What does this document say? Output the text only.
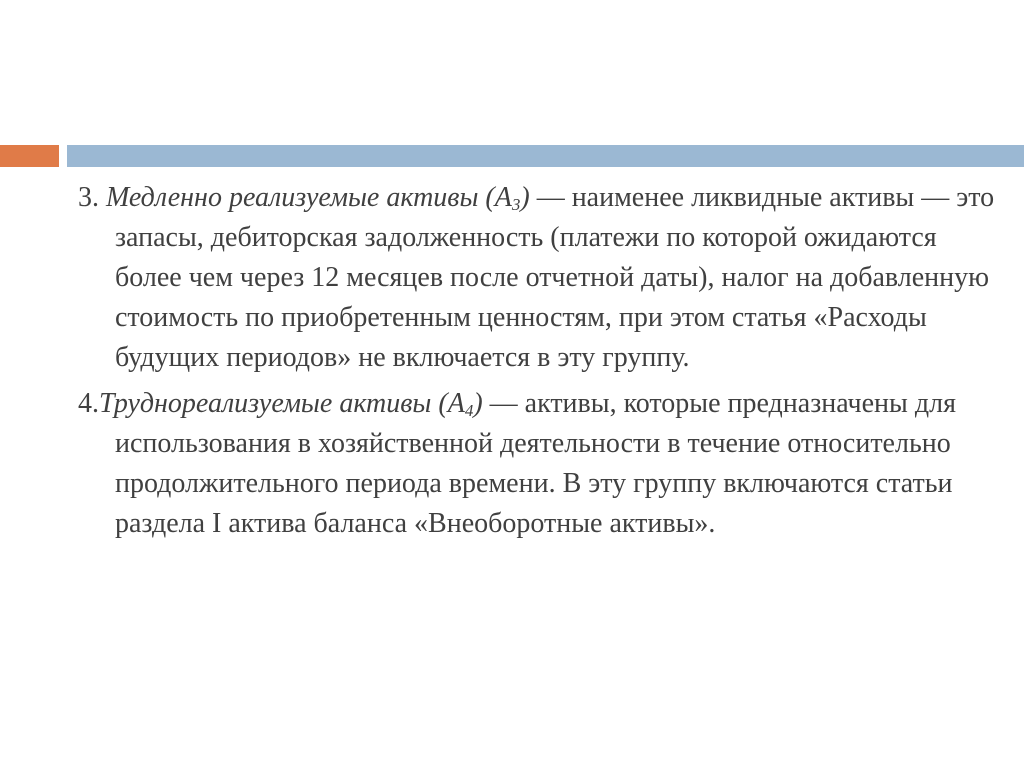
3. Медленно реализуемые активы $(А_3)$ — наименее ликвидные активы — это запасы, дебиторская задолженность (платежи по которой ожидаются более чем через 12 месяцев после отчетной даты), налог на добавленную стоимость по приобретенным ценностям, при этом статья «Расходы будущих периодов» не включается в эту группу.

4.Труднореализуемые активы $(А_4)$ — активы, которые предназначены для использования в хозяйственной деятельности в течение относительно продолжительного периода времени. В эту группу включаются статьи раздела I актива баланса «Внеоборотные активы».
